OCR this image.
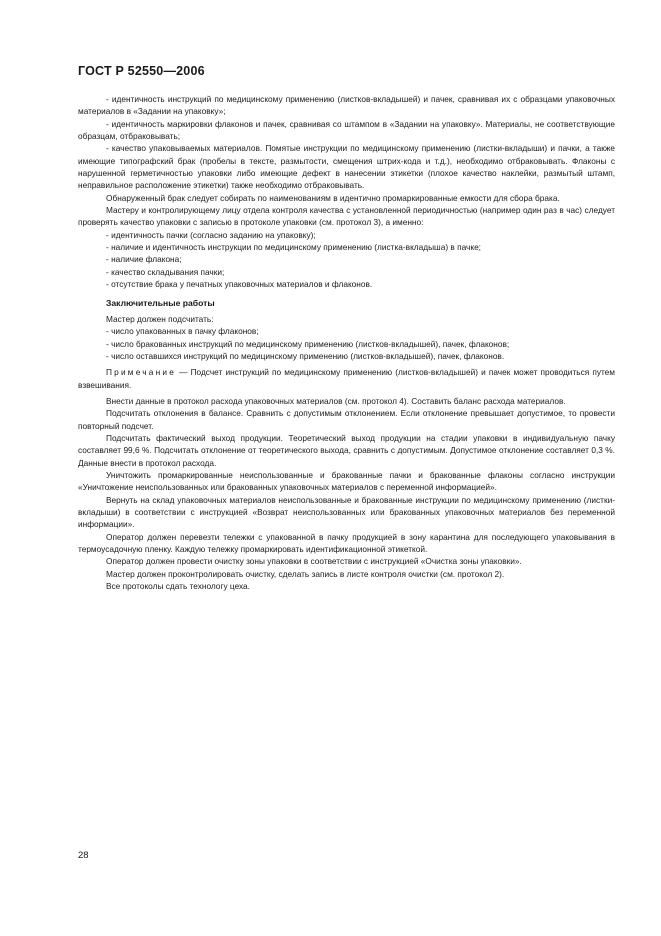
ГОСТ Р 52550—2006

- идентичность инструкций по медицинскому применению (листков-вкладышей) и пачек, сравнивая их с образцами упаковочных материалов в «Задании на упаковку»;

- идентичность маркировки флаконов и пачек, сравнивая со штампом в «Задании на упаковку». Материалы, не соответствующие образцам, отбраковывать;

- качество упаковываемых материалов. Помятые инструкции по медицинскому применению (листки-вкладыши) и пачки, а также имеющие типографский брак (пробелы в тексте, размытости, смещения штрих-кода и т.д.), необходимо отбраковывать. Флаконы с нарушенной герметичностью упаковки либо имеющие дефект в нанесении этикетки (плохое качество наклейки, размытый штамп, неправильное расположение этикетки) также необходимо отбраковывать.

Обнаруженный брак следует собирать по наименованиям в идентично промаркированные емкости для сбора брака.

Мастеру и контролирующему лицу отдела контроля качества с установленной периодичностью (например один раз в час) следует проверять качество упаковки с записью в протоколе упаковки (см. протокол 3), а именно:

- идентичность пачки (согласно заданию на упаковку);

- наличие и идентичность инструкции по медицинскому применению (листка-вкладыша) в пачке;

- наличие флакона;

- качество складывания пачки;

- отсутствие брака у печатных упаковочных материалов и флаконов.

Заключительные работы

Мастер должен подсчитать:

- число упакованных в пачку флаконов;

- число бракованных инструкций по медицинскому применению (листков-вкладышей), пачек, флаконов;

- число оставшихся инструкций по медицинскому применению (листков-вкладышей), пачек, флаконов.

Примечание — Подсчет инструкций по медицинскому применению (листков-вкладышей) и пачек может проводиться путем взвешивания.

Внести данные в протокол расхода упаковочных материалов (см. протокол 4). Составить баланс расхода материалов.

Подсчитать отклонения в балансе. Сравнить с допустимым отклонением. Если отклонение превышает допустимое, то провести повторный подсчет.

Подсчитать фактический выход продукции. Теоретический выход продукции на стадии упаковки в индивидуальную пачку составляет 99,6 %. Подсчитать отклонение от теоретического выхода, сравнить с допустимым. Допустимое отклонение составляет 0,3 %. Данные внести в протокол расхода.

Уничтожить промаркированные неиспользованные и бракованные пачки и бракованные флаконы согласно инструкции «Уничтожение неиспользованных или бракованных упаковочных материалов с переменной информацией».

Вернуть на склад упаковочных материалов неиспользованные и бракованные инструкции по медицинскому применению (листки-вкладыши) в соответствии с инструкцией «Возврат неиспользованных или бракованных упаковочных материалов без переменной информации».

Оператор должен перевезти тележки с упакованной в пачку продукцией в зону карантина для последующего упаковывания в термоусадочную пленку. Каждую тележку промаркировать идентификационной этикеткой.

Оператор должен провести очистку зоны упаковки в соответствии с инструкцией «Очистка зоны упаковки».

Мастер должен проконтролировать очистку, сделать запись в листе контроля очистки (см. протокол 2).

Все протоколы сдать технологу цеха.

28
